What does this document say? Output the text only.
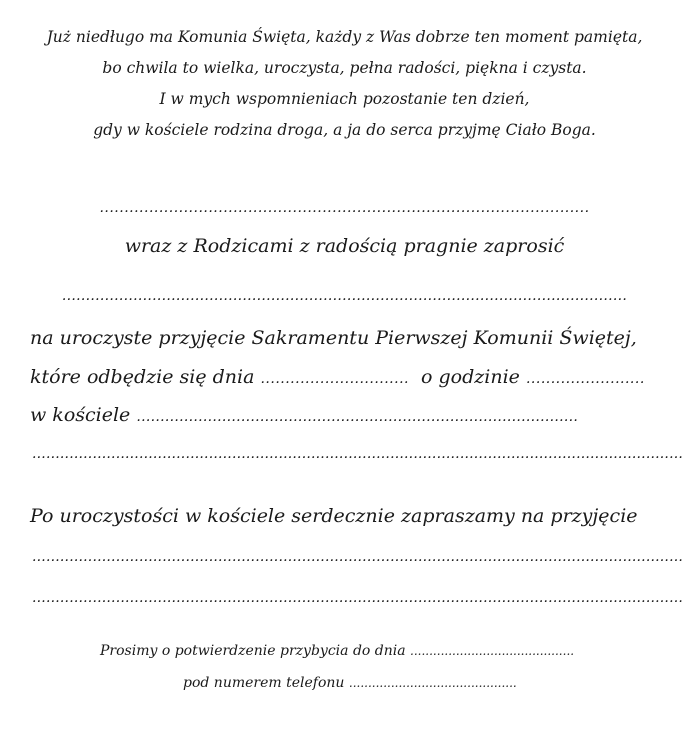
Już niedługo ma Komunia Święta, każdy z Was dobrze ten moment pamięta,
bo chwila to wielka, uroczysta, pełna radości, piękna i czysta.
I w mych wspomnieniach pozostanie ten dzień,
gdy w kościele rodzina droga, a ja do serca przyjmę Ciało Boga.
...................................................................................................
wraz z Rodzicami z radością pragnie zaprosić
.......................................................................................................................
na uroczyste przyjęcie Sakramentu Pierwszej Komunii Świętej,
które odbędzie się dnia .............................. o godzinie ........................
w kościele .............................................................................................
............................................................................................................................................
Po uroczystości w kościele serdecznie zapraszamy na przyjęcie
............................................................................................................................................
............................................................................................................................................
Prosimy o potwierdzenie przybycia do dnia ...........................................
pod numerem telefonu ............................................
